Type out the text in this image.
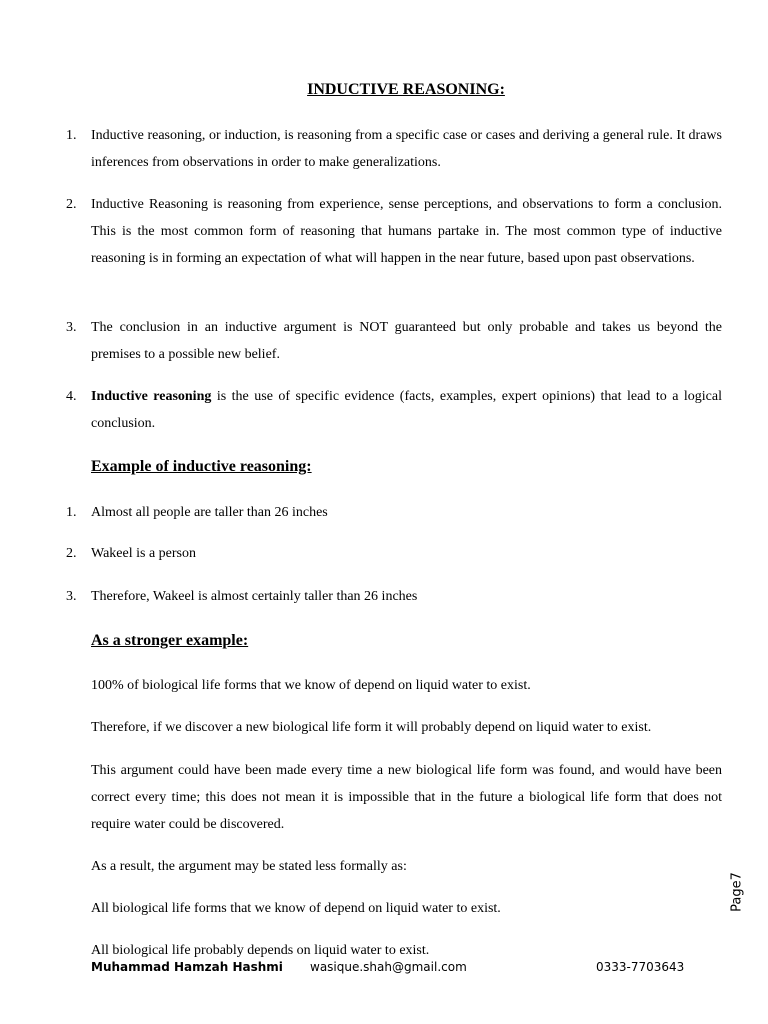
INDUCTIVE REASONING:
1. Inductive reasoning, or induction, is reasoning from a specific case or cases and deriving a general rule. It draws inferences from observations in order to make generalizations.
2. Inductive Reasoning is reasoning from experience, sense perceptions, and observations to form a conclusion. This is the most common form of reasoning that humans partake in. The most common type of inductive reasoning is in forming an expectation of what will happen in the near future, based upon past observations.
3. The conclusion in an inductive argument is NOT guaranteed but only probable and takes us beyond the premises to a possible new belief.
4. Inductive reasoning is the use of specific evidence (facts, examples, expert opinions) that lead to a logical conclusion.
Example of inductive reasoning:
1. Almost all people are taller than 26 inches
2. Wakeel is a person
3. Therefore, Wakeel is almost certainly taller than 26 inches
As a stronger example:
100% of biological life forms that we know of depend on liquid water to exist.
Therefore, if we discover a new biological life form it will probably depend on liquid water to exist.
This argument could have been made every time a new biological life form was found, and would have been correct every time; this does not mean it is impossible that in the future a biological life form that does not require water could be discovered.
As a result, the argument may be stated less formally as:
All biological life forms that we know of depend on liquid water to exist.
All biological life probably depends on liquid water to exist.
Muhammad Hamzah Hashmi wasique.shah@gmail.com	0333-7703643
Page7
